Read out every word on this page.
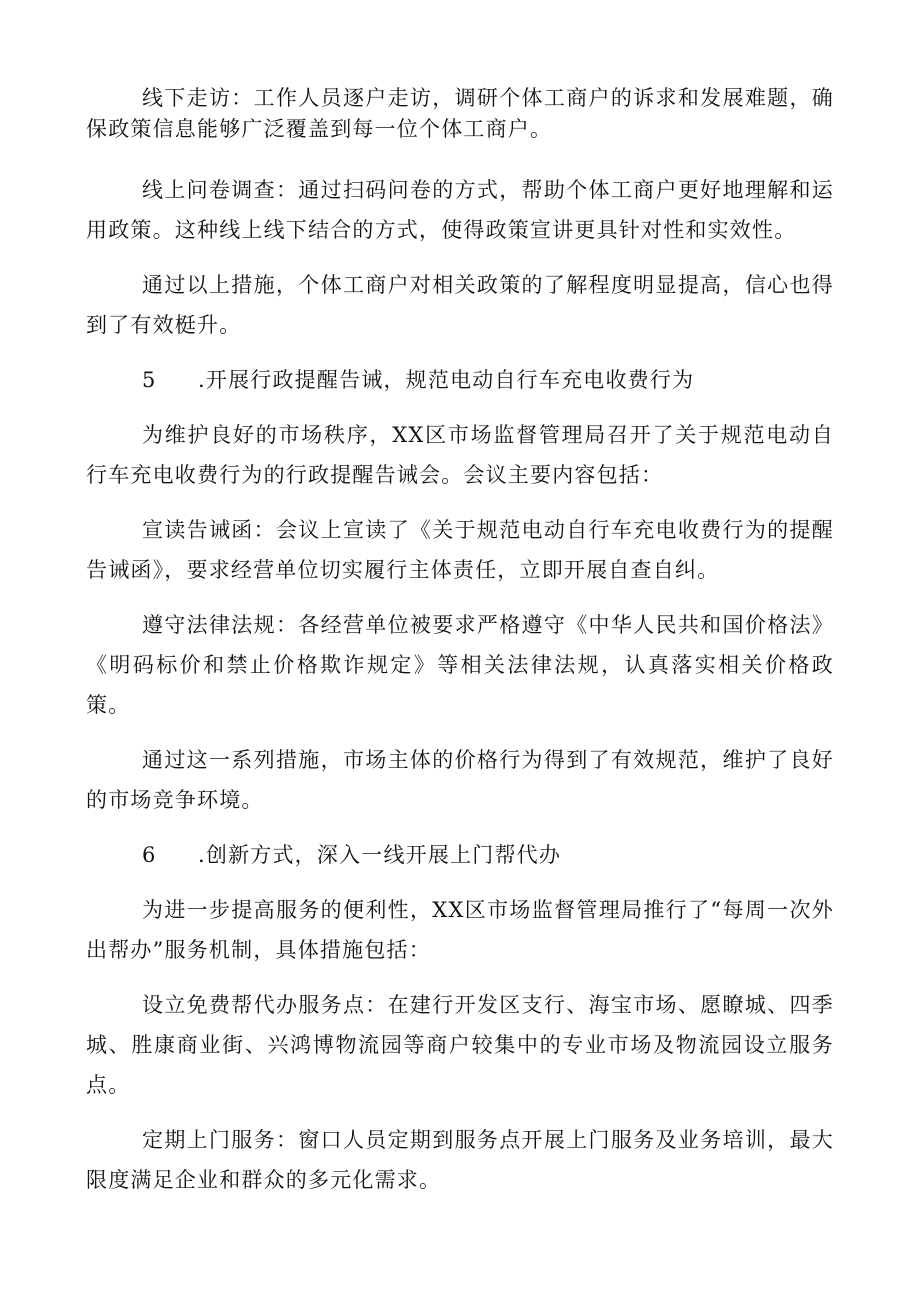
线下走访：工作人员逐户走访，调研个体工商户的诉求和发展难题，确保政策信息能够广泛覆盖到每一位个体工商户。

线上问卷调查：通过扫码问卷的方式，帮助个体工商户更好地理解和运用政策。这种线上线下结合的方式，使得政策宣讲更具针对性和实效性。

通过以上措施，个体工商户对相关政策的了解程度明显提高，信心也得到了有效梃升。

5 .开展行政提醒告诫，规范电动自行车充电收费行为

为维护良好的市场秩序，XX区市场监督管理局召开了关于规范电动自行车充电收费行为的行政提醒告诫会。会议主要内容包括：

宣读告诫函：会议上宣读了《关于规范电动自行车充电收费行为的提醒告诫函》，要求经营单位切实履行主体责任，立即开展自查自纠。

遵守法律法规：各经营单位被要求严格遵守《中华人民共和国价格法》《明码标价和禁止价格欺诈规定》等相关法律法规，认真落实相关价格政策。

通过这一系列措施，市场主体的价格行为得到了有效规范，维护了良好的市场竞争环境。

6 .创新方式，深入一线开展上门帮代办

为进一步提高服务的便利性，XX区市场监督管理局推行了“每周一次外出帮办”服务机制，具体措施包括：

设立免费帮代办服务点：在建行开发区支行、海宝市场、愿瞭城、四季城、胜康商业街、兴鸿博物流园等商户较集中的专业市场及物流园设立服务点。

定期上门服务：窗口人员定期到服务点开展上门服务及业务培训，最大限度满足企业和群众的多元化需求。
